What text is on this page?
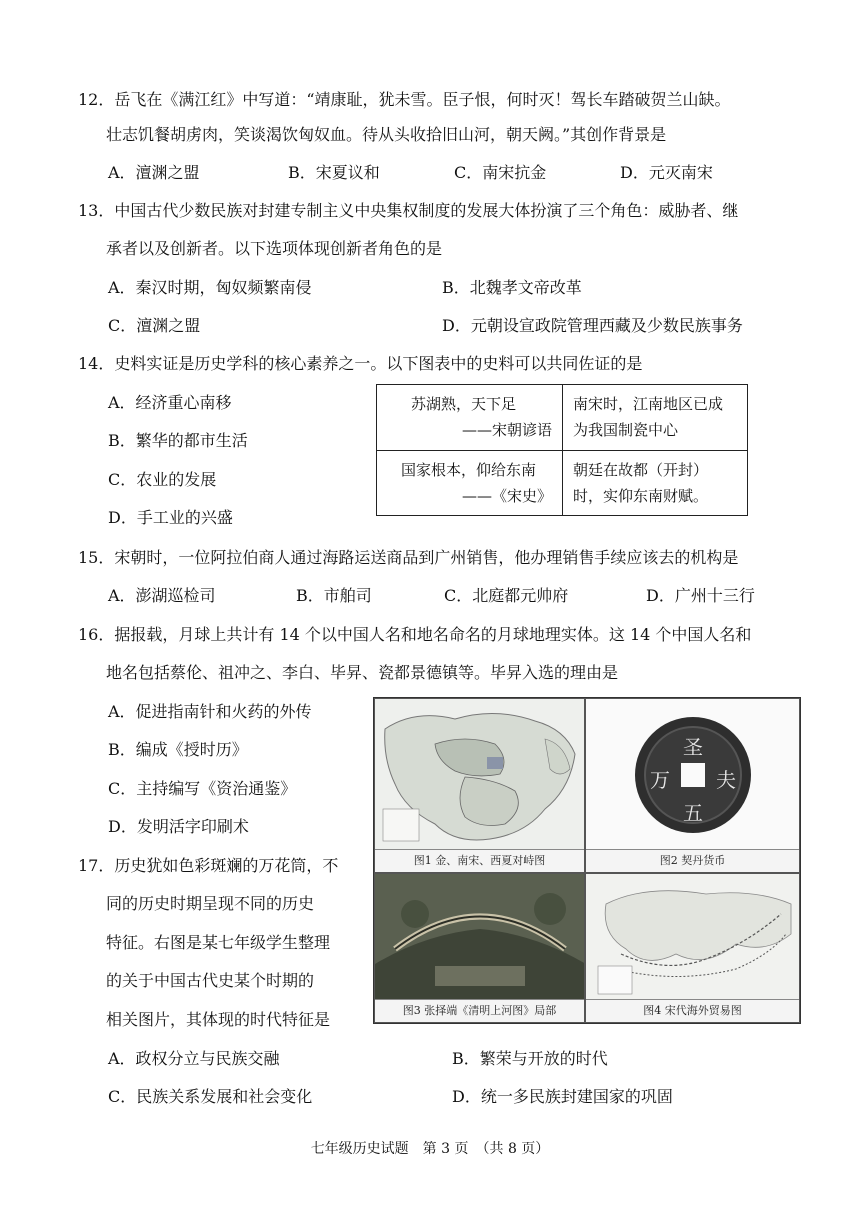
12．岳飞在《满江红》中写道：“靖康耻，犹未雪。臣子恨，何时灭！驾长车踏破贺兰山缺。
壮志饥餐胡虏肉，笑谈渴饮匈奴血。待从头收拾旧山河，朝天阙。”其创作背景是
A．澶渊之盟	B．宋夏议和	C．南宋抗金	D．元灭南宋
13．中国古代少数民族对封建专制主义中央集权制度的发展大体扮演了三个角色：威胁者、继
承者以及创新者。以下选项体现创新者角色的是
A．秦汉时期，匈奴频繁南侵	B．北魏孝文帝改革
C．澶渊之盟	D．元朝设宣政院管理西藏及少数民族事务
14．史料实证是历史学科的核心素养之一。以下图表中的史料可以共同佐证的是
A．经济重心南移
B．繁华的都市生活
C．农业的发展
D．手工业的兴盛
苏湖熟，天下足
——宋朝谚语	南宋时，江南地区已成为我国制瓷中心

国家根本，仰给东南
——《宋史》	朝廷在故都（开封）时，实仰东南财赋。
15．宋朝时，一位阿拉伯商人通过海路运送商品到广州销售，他办理销售手续应该去的机构是
A．澎湖巡检司	B．市舶司	C．北庭都元帅府	D．广州十三行
16．据报载，月球上共计有 14 个以中国人名和地名命名的月球地理实体。这 14 个中国人名和
地名包括蔡伦、祖冲之、李白、毕昇、瓷都景德镇等。毕昇入选的理由是
A．促进指南针和火药的外传
B．编成《授时历》
C．主持编写《资治通鉴》
D．发明活字印刷术
图1 金、南宋、西夏对峙图
圣
夫
万
五
图2 契丹货币
图3 张择端《清明上河图》局部	图4 宋代海外贸易图
17．历史犹如色彩斑斓的万花筒，不
同的历史时期呈现不同的历史
特征。右图是某七年级学生整理
的关于中国古代史某个时期的
相关图片，其体现的时代特征是
A．政权分立与民族交融	B．繁荣与开放的时代
C．民族关系发展和社会变化	D．统一多民族封建国家的巩固
七年级历史试题　第 3 页　（共 8 页）
